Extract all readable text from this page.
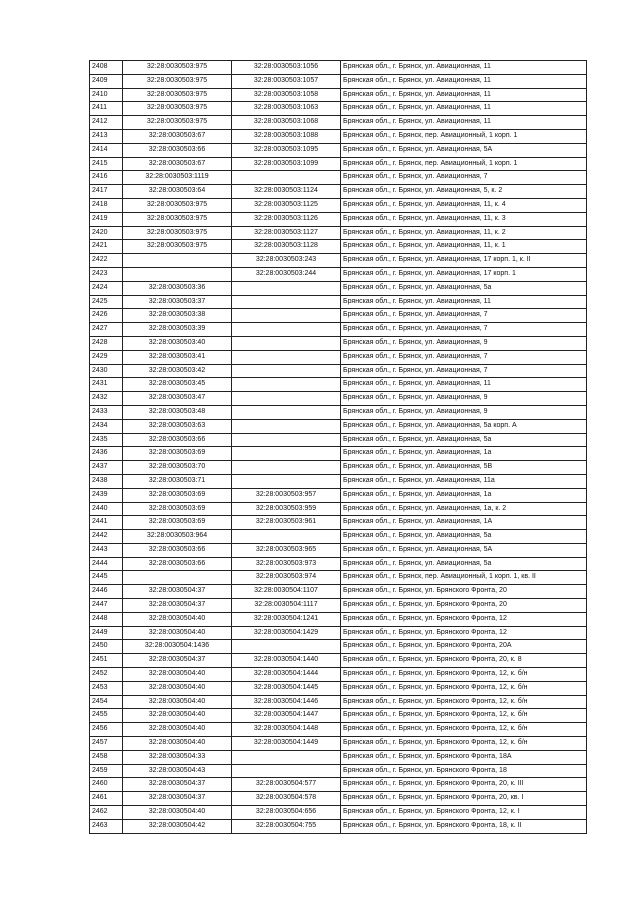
2408	32:28:0030503:975	32:28:0030503:1056	Брянская обл., г. Брянск, ул. Авиационная, 11
2409	32:28:0030503:975	32:28:0030503:1057	Брянская обл., г. Брянск, ул. Авиационная, 11
2410	32:28:0030503:975	32:28:0030503:1058	Брянская обл., г. Брянск, ул. Авиационная, 11
2411	32:28:0030503:975	32:28:0030503:1063	Брянская обл., г. Брянск, ул. Авиационная, 11
2412	32:28:0030503:975	32:28:0030503:1068	Брянская обл., г. Брянск, ул. Авиационная, 11
2413	32:28:0030503:67	32:28:0030503:1088	Брянская обл., г. Брянск, пер. Авиационный, 1 корп. 1
2414	32:28:0030503:66	32:28:0030503:1095	Брянская обл., г. Брянск, ул. Авиационная, 5А
2415	32:28:0030503:67	32:28:0030503:1099	Брянская обл., г. Брянск, пер. Авиационный, 1 корп. 1
2416	32:28:0030503:1119		Брянская обл., г. Брянск, ул. Авиационная, 7
2417	32:28:0030503:64	32:28:0030503:1124	Брянская обл., г. Брянск, ул. Авиационная, 5, к. 2
2418	32:28:0030503:975	32:28:0030503:1125	Брянская обл., г. Брянск, ул. Авиационная, 11, к. 4
2419	32:28:0030503:975	32:28:0030503:1126	Брянская обл., г. Брянск, ул. Авиационная, 11, к. 3
2420	32:28:0030503:975	32:28:0030503:1127	Брянская обл., г. Брянск, ул. Авиационная, 11, к. 2
2421	32:28:0030503:975	32:28:0030503:1128	Брянская обл., г. Брянск, ул. Авиационная, 11, к. 1
2422		32:28:0030503:243	Брянская обл., г. Брянск, ул. Авиационная, 17 корп. 1, к. II
2423		32:28:0030503:244	Брянская обл., г. Брянск, ул. Авиационная, 17 корп. 1
2424	32:28:0030503:36		Брянская обл., г. Брянск, ул. Авиационная, 5а
2425	32:28:0030503:37		Брянская обл., г. Брянск, ул. Авиационная, 11
2426	32:28:0030503:38		Брянская обл., г. Брянск, ул. Авиационная, 7
2427	32:28:0030503:39		Брянская обл., г. Брянск, ул. Авиационная, 7
2428	32:28:0030503:40		Брянская обл., г. Брянск, ул. Авиационная, 9
2429	32:28:0030503:41		Брянская обл., г. Брянск, ул. Авиационная, 7
2430	32:28:0030503:42		Брянская обл., г. Брянск, ул. Авиационная, 7
2431	32:28:0030503:45		Брянская обл., г. Брянск, ул. Авиационная, 11
2432	32:28:0030503:47		Брянская обл., г. Брянск, ул. Авиационная, 9
2433	32:28:0030503:48		Брянская обл., г. Брянск, ул. Авиационная, 9
2434	32:28:0030503:63		Брянская обл., г. Брянск, ул. Авиационная, 5а корп. А
2435	32:28:0030503:66		Брянская обл., г. Брянск, ул. Авиационная, 5а
2436	32:28:0030503:69		Брянская обл., г. Брянск, ул. Авиационная, 1а
2437	32:28:0030503:70		Брянская обл., г. Брянск, ул. Авиационная, 5В
2438	32:28:0030503:71		Брянская обл., г. Брянск, ул. Авиационная, 11а
2439	32:28:0030503:69	32:28:0030503:957	Брянская обл., г. Брянск, ул. Авиационная, 1а
2440	32:28:0030503:69	32:28:0030503:959	Брянская обл., г. Брянск, ул. Авиационная, 1а, к. 2
2441	32:28:0030503:69	32:28:0030503:961	Брянская обл., г. Брянск, ул. Авиационная, 1А
2442	32:28:0030503:964		Брянская обл., г. Брянск, ул. Авиационная, 5а
2443	32:28:0030503:66	32:28:0030503:965	Брянская обл., г. Брянск, ул. Авиационная, 5А
2444	32:28:0030503:66	32:28:0030503:973	Брянская обл., г. Брянск, ул. Авиационная, 5а
2445		32:28:0030503:974	Брянская обл., г. Брянск, пер. Авиационный, 1 корп. 1, кв. II
2446	32:28:0030504:37	32:28:0030504:1107	Брянская обл., г. Брянск, ул. Брянского Фронта, 20
2447	32:28:0030504:37	32:28:0030504:1117	Брянская обл., г. Брянск, ул. Брянского Фронта, 20
2448	32:28:0030504:40	32:28:0030504:1241	Брянская обл., г. Брянск, ул. Брянского Фронта, 12
2449	32:28:0030504:40	32:28:0030504:1429	Брянская обл., г. Брянск, ул. Брянского Фронта, 12
2450	32:28:0030504:1436		Брянская обл., г. Брянск, ул. Брянского Фронта, 20А
2451	32:28:0030504:37	32:28:0030504:1440	Брянская обл., г. Брянск, ул. Брянского Фронта, 20, к. 8
2452	32:28:0030504:40	32:28:0030504:1444	Брянская обл., г. Брянск, ул. Брянского Фронта, 12, к. б/н
2453	32:28:0030504:40	32:28:0030504:1445	Брянская обл., г. Брянск, ул. Брянского Фронта, 12, к. б/н
2454	32:28:0030504:40	32:28:0030504:1446	Брянская обл., г. Брянск, ул. Брянского Фронта, 12, к. б/н
2455	32:28:0030504:40	32:28:0030504:1447	Брянская обл., г. Брянск, ул. Брянского Фронта, 12, к. б/н
2456	32:28:0030504:40	32:28:0030504:1448	Брянская обл., г. Брянск, ул. Брянского Фронта, 12, к. б/н
2457	32:28:0030504:40	32:28:0030504:1449	Брянская обл., г. Брянск, ул. Брянского Фронта, 12, к. б/н
2458	32:28:0030504:33		Брянская обл., г. Брянск, ул. Брянского Фронта, 18А
2459	32:28:0030504:43		Брянская обл., г. Брянск, ул. Брянского Фронта, 18
2460	32:28:0030504:37	32:28:0030504:577	Брянская обл., г. Брянск, ул. Брянского Фронта, 20, к. III
2461	32:28:0030504:37	32:28:0030504:578	Брянская обл., г. Брянск, ул. Брянского Фронта, 20, кв. I
2462	32:28:0030504:40	32:28:0030504:656	Брянская обл., г. Брянск, ул. Брянского Фронта, 12, к. I
2463	32:28:0030504:42	32:28:0030504:755	Брянская обл., г. Брянск, ул. Брянского Фронта, 18, к. II
